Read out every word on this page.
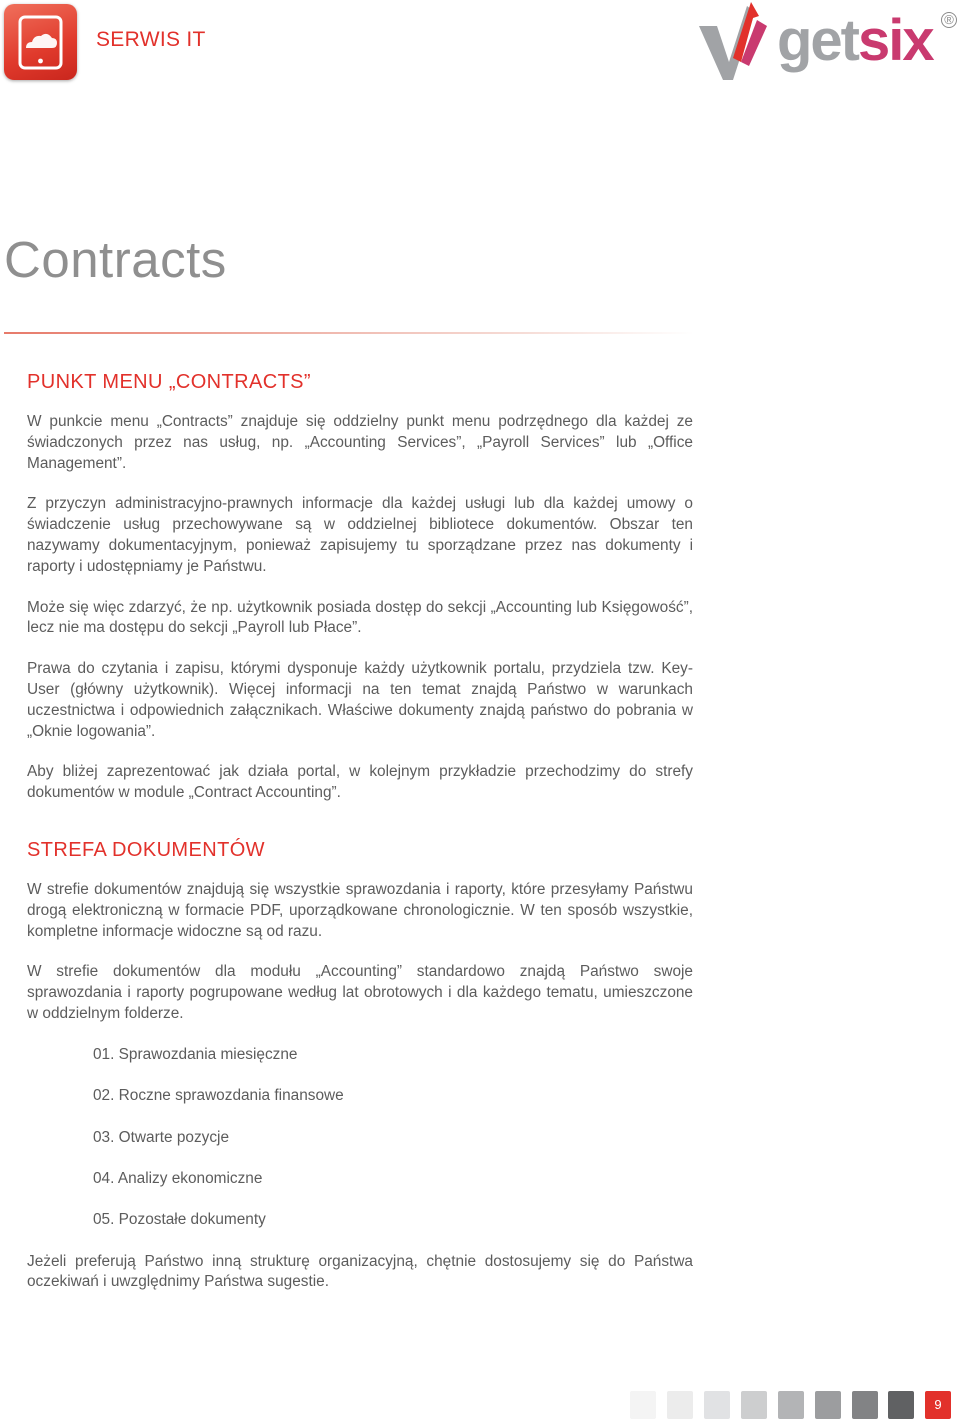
SERWIS IT	getsix ®
Contracts
PUNKT MENU „CONTRACTS”

W punkcie menu „Contracts” znajduje się oddzielny punkt menu podrzędnego dla każdej ze świadczonych przez nas usług, np. „Accounting Services”, „Payroll Services” lub „Office Management”.

Z przyczyn administracyjno-prawnych informacje dla każdej usługi lub dla każdej umowy o świadczenie usług przechowywane są w oddzielnej bibliotece dokumentów. Obszar ten nazywamy dokumentacyjnym, ponieważ zapisujemy tu sporządzane przez nas dokumenty i raporty i udostępniamy je Państwu.

Może się więc zdarzyć, że np. użytkownik posiada dostęp do sekcji „Accounting lub Księgowość”, lecz nie ma dostępu do sekcji „Payroll lub Płace”.

Prawa do czytania i zapisu, którymi dysponuje każdy użytkownik portalu, przydziela tzw. Key-User (główny użytkownik). Więcej informacji na ten temat znajdą Państwo w warunkach uczestnictwa i odpowiednich załącznikach. Właściwe dokumenty znajdą państwo do pobrania w „Oknie logowania”.

Aby bliżej zaprezentować jak działa portal, w kolejnym przykładzie przechodzimy do strefy dokumentów w module „Contract Accounting”.

STREFA DOKUMENTÓW

W strefie dokumentów znajdują się wszystkie sprawozdania i raporty, które przesyłamy Państwu drogą elektroniczną w formacie PDF, uporządkowane chronologicznie. W ten sposób wszystkie, kompletne informacje widoczne są od razu.

W strefie dokumentów dla modułu „Accounting” standardowo znajdą Państwo swoje sprawozdania i raporty pogrupowane według lat obrotowych i dla każdego tematu, umieszczone w oddzielnym folderze.

01. Sprawozdania miesięczne

02. Roczne sprawozdania finansowe

03. Otwarte pozycje

04. Analizy ekonomiczne

05. Pozostałe dokumenty

Jeżeli preferują Państwo inną strukturę organizacyjną, chętnie dostosujemy się do Państwa oczekiwań i uwzględnimy Państwa sugestie.

9
